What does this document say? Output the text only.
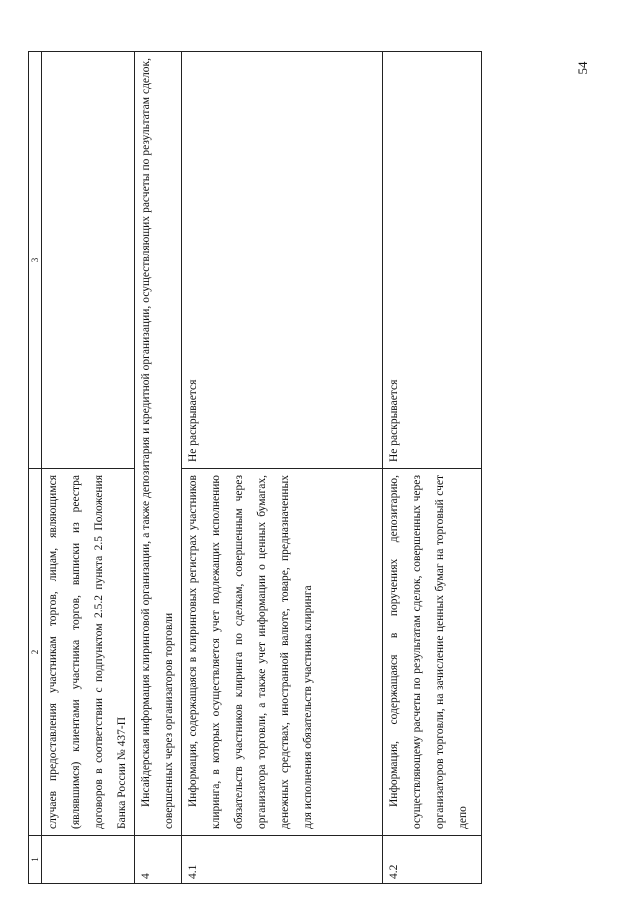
54
1	2	3
	случаев предоставления участникам торгов, лицам, являющимся (являвшимся) клиентами участника торгов, выписки из реестра договоров в соответствии с подпунктом 2.5.2 пункта 2.5 Положения Банка России № 437-П	
4	Инсайдерская информация клиринговой организации, а также депозитария и кредитной организации, осуществляющих расчеты по результатам сделок, совершенных через организаторов торговли	
4.1	Информация, содержащаяся в клиринговых регистрах участников клиринга, в которых осуществляется учет подлежащих исполнению обязательств участников клиринга по сделкам, совершенным через организатора торговли, а также учет информации о ценных бумагах, денежных средствах, иностранной валюте, товаре, предназначенных для исполнения обязательств участника клиринга	Не раскрывается
4.2	Информация, содержащаяся в поручениях депозитарию, осуществляющему расчеты по результатам сделок, совершенных через организаторов торговли, на зачисление ценных бумаг на торговый счет депо	Не раскрывается
